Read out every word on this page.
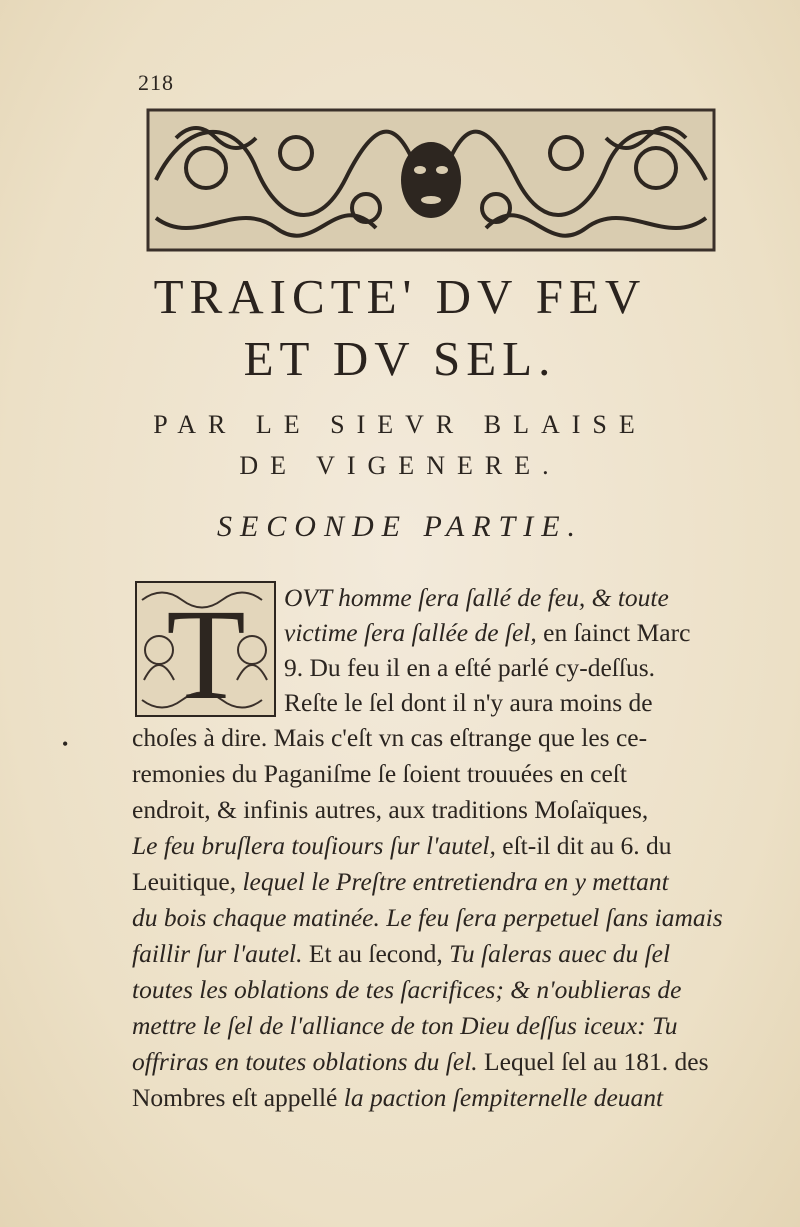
218
TRAICTE' DV FEV
ET DV SEL.
PAR LE SIEVR BLAISE
DE VIGENERE.
SECONDE PARTIE.
T
•
OVT homme ſera ſallé de feu, & toute
victime ſera ſallée de ſel, en ſainct Marc
9. Du feu il en a eſté parlé cy-deſſus.
Reſte le ſel dont il n'y aura moins de
choſes à dire. Mais c'eſt vn cas eſtrange que les ce-
remonies du Paganiſme ſe ſoient trouuées en ceſt
endroit, & infinis autres, aux traditions Moſaïques,
Le feu bruſlera touſiours ſur l'autel, eſt-il dit au 6. du
Leuitique, lequel le Preſtre entretiendra en y mettant
du bois chaque matinée. Le feu ſera perpetuel ſans iamais
faillir ſur l'autel. Et au ſecond, Tu ſaleras auec du ſel
toutes les oblations de tes ſacrifices; & n'oublieras de
mettre le ſel de l'alliance de ton Dieu deſſus iceux: Tu
offriras en toutes oblations du ſel. Lequel ſel au 181. des
Nombres eſt appellé la paction ſempiternelle deuant
